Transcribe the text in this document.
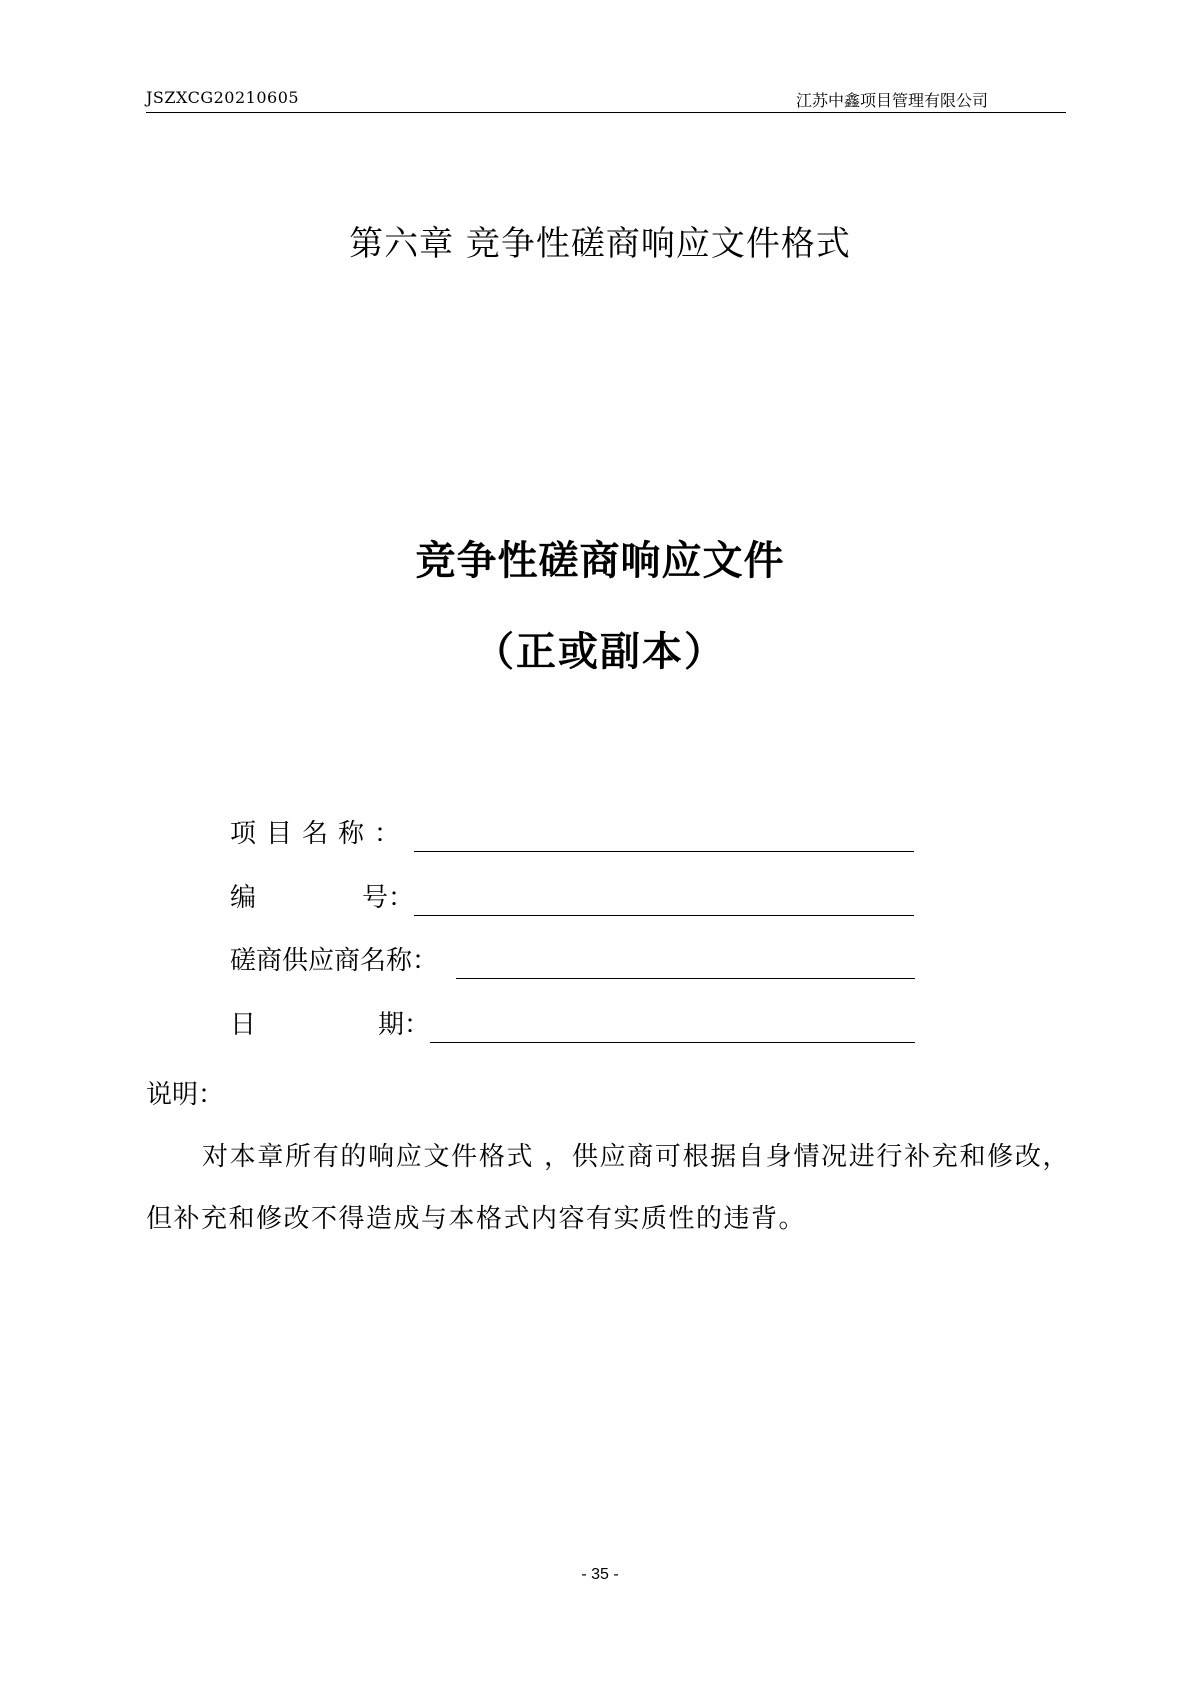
JSZXCG20210605	江苏中鑫项目管理有限公司
第六章 竞争性磋商响应文件格式
竞争性磋商响应文件
（正或副本）
项目名称：
编	号：
磋商供应商名称：
日	期：
说明：
对本章所有的响应文件格式 ，供应商可根据自身情况进行补充和修改，但补充和修改不得造成与本格式内容有实质性的违背。
- 35 -
